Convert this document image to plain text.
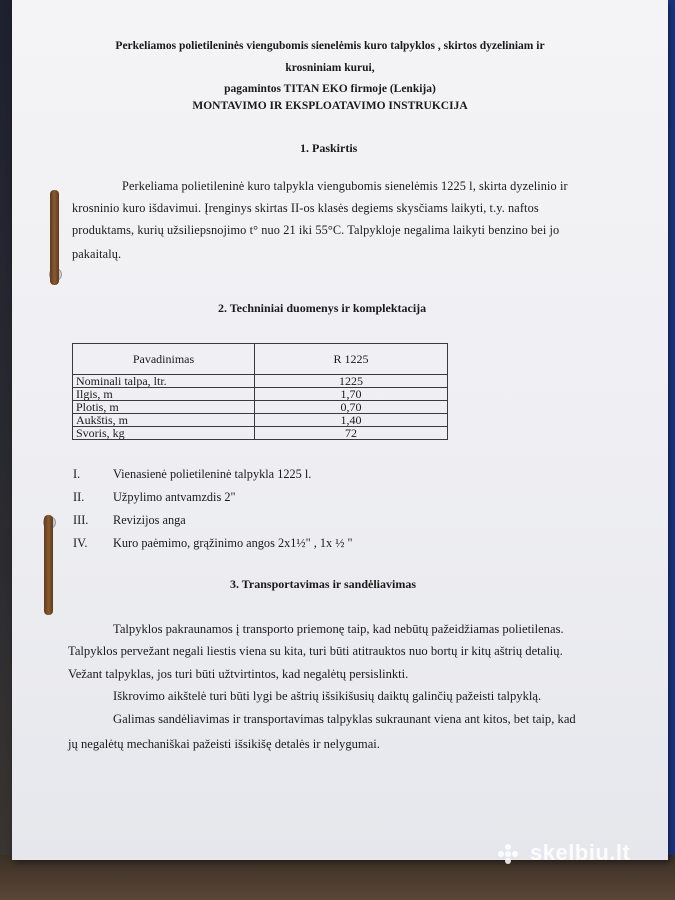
Perkeliamos polietileninės viengubomis sienelėmis kuro talpyklos , skirtos dyzeliniam ir
krosniniam kurui,
pagamintos TITAN EKO firmoje (Lenkija)
MONTAVIMO IR EKSPLOATAVIMO INSTRUKCIJA
1. Paskirtis
Perkeliama polietileninė kuro talpykla viengubomis sienelėmis 1225 l, skirta dyzelinio ir
krosninio kuro išdavimui. Įrenginys skirtas II-os klasės degiems skysčiams laikyti, t.y. naftos
produktams, kurių užsiliepsnojimo t° nuo 21 iki 55°C. Talpykloje negalima laikyti benzino bei jo
pakaitalų.
2. Techniniai duomenys ir komplektacija
Pavadinimas	R 1225
Nominali talpa, ltr.	1225
Ilgis, m	1,70
Plotis, m	0,70
Aukštis, m	1,40
Svoris, kg	72
I.	Vienasienė polietileninė talpykla 1225 l.
II. Užpylimo antvamzdis 2"
III. Revizijos anga
IV. Kuro paėmimo, grąžinimo angos 2x1½" , 1x ½ "
3. Transportavimas ir sandėliavimas
Talpyklos pakraunamos į transporto priemonę taip, kad nebūtų pažeidžiamas polietilenas.
Talpyklos pervežant negali liestis viena su kita, turi būti atitrauktos nuo bortų ir kitų aštrių detalių.
Vežant talpyklas, jos turi būti užtvirtintos, kad negalėtų persislinkti.
Iškrovimo aikštelė turi būti lygi be aštrių išsikišusių daiktų galinčių pažeisti talpyklą.
Galimas sandėliavimas ir transportavimas talpyklas sukraunant viena ant kitos, bet taip, kad
jų negalėtų mechaniškai pažeisti išsikišę detalės ir nelygumai.
skelbiu.lt
